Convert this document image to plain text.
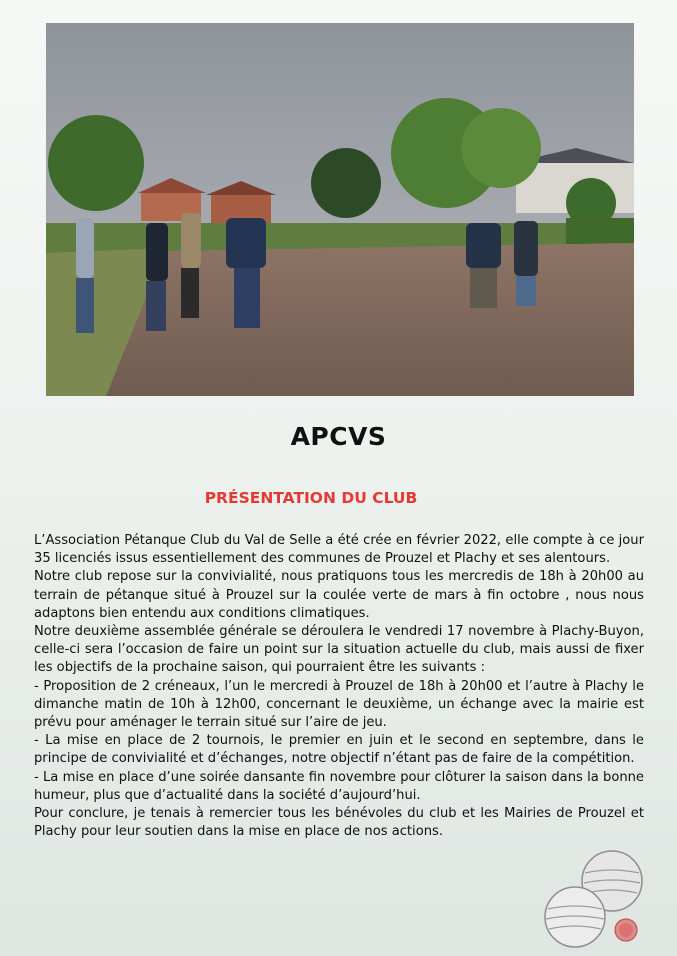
APCVS
PRÉSENTATION DU CLUB

L’Association Pétanque Club du Val de Selle a été crée en février 2022, elle compte à ce jour 35 licenciés issus essentiellement des communes de Prouzel et Plachy et ses alentours.

Notre club repose sur la convivialité, nous pratiquons tous les mercredis de 18h à 20h00 au terrain de pétanque situé à Prouzel sur la coulée verte de mars à fin octobre , nous nous adaptons bien entendu aux conditions climatiques.

Notre deuxième assemblée générale se déroulera le vendredi 17 novembre à Plachy-Buyon, celle-ci sera l’occasion de faire un point sur la situation actuelle du club, mais aussi de fixer les objectifs de la prochaine saison, qui pourraient être les suivants :

- Proposition de 2 créneaux, l’un le mercredi à Prouzel de 18h à 20h00 et l’autre à Plachy le dimanche matin de 10h à 12h00, concernant le deuxième, un échange avec la mairie est prévu pour aménager le terrain situé sur l’aire de jeu.

- La mise en place de 2 tournois, le premier en juin et le second en septembre, dans le principe de convivialité et d’échanges, notre objectif n’étant pas de faire de la compétition.

- La mise en place d’une soirée dansante fin novembre pour clôturer la saison dans la bonne humeur, plus que d’actualité dans la société d’aujourd’hui.

Pour conclure, je tenais à remercier tous les bénévoles du club et les Mairies de Prouzel et Plachy pour leur soutien dans la mise en place de nos actions.
